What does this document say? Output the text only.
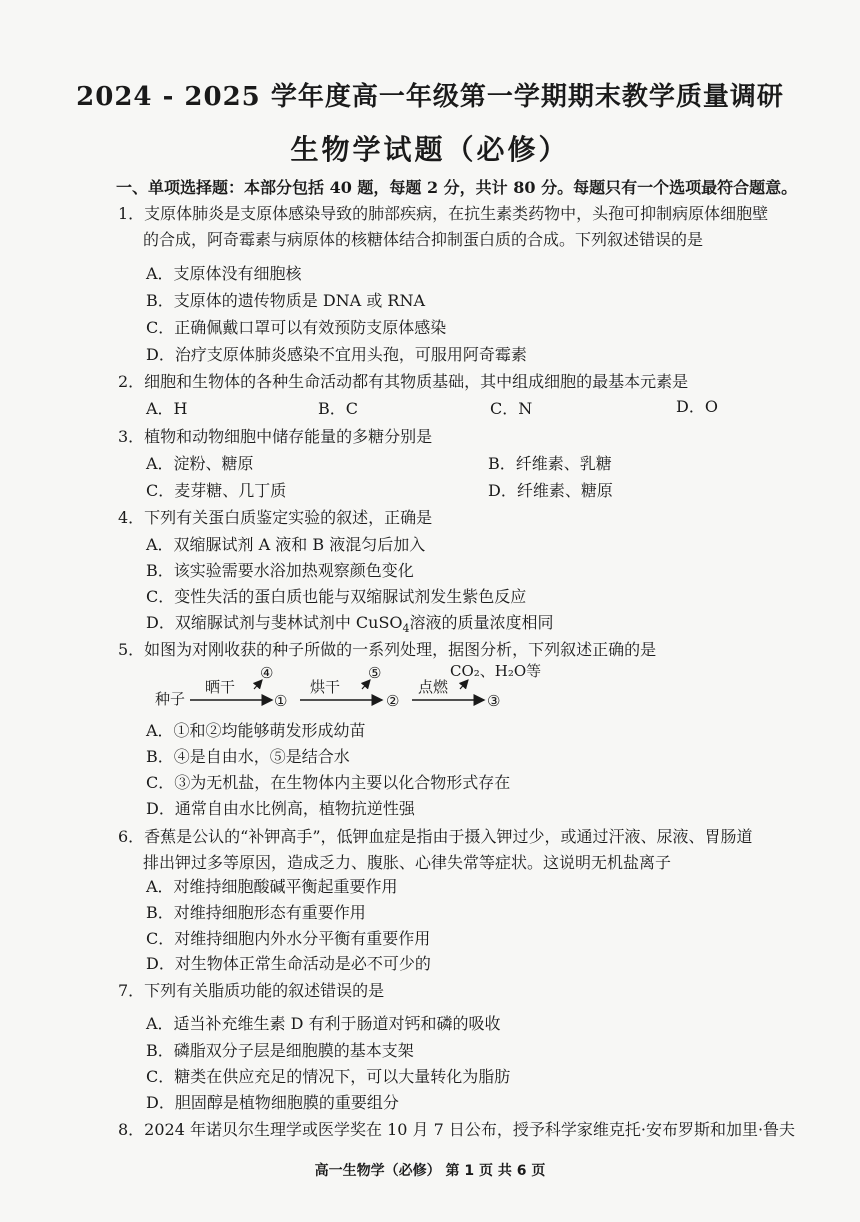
2024 - 2025 学年度高一年级第一学期期末教学质量调研
生物学试题（必修）
一、单项选择题：本部分包括 40 题，每题 2 分，共计 80 分。每题只有一个选项最符合题意。
1．支原体肺炎是支原体感染导致的肺部疾病，在抗生素类药物中，头孢可抑制病原体细胞壁
的合成，阿奇霉素与病原体的核糖体结合抑制蛋白质的合成。下列叙述错误的是
A．支原体没有细胞核
B．支原体的遗传物质是 DNA 或 RNA
C．正确佩戴口罩可以有效预防支原体感染
D．治疗支原体肺炎感染不宜用头孢，可服用阿奇霉素
2．细胞和生物体的各种生命活动都有其物质基础，其中组成细胞的最基本元素是
A．H	B．C	C．N	D．O
3．植物和动物细胞中储存能量的多糖分别是
A．淀粉、糖原	B．纤维素、乳糖
C．麦芽糖、几丁质	D．纤维素、糖原
4．下列有关蛋白质鉴定实验的叙述，正确是
A．双缩脲试剂 A 液和 B 液混匀后加入
B．该实验需要水浴加热观察颜色变化
C．变性失活的蛋白质也能与双缩脲试剂发生紫色反应
D．双缩脲试剂与斐林试剂中 CuSO$_4$溶液的质量浓度相同
5．如图为对刚收获的种子所做的一系列处理，据图分析，下列叙述正确的是
种子
晒干
④
①
烘干
⑤
②
点燃
CO₂、H₂O等
③
A．①和②均能够萌发形成幼苗
B．④是自由水，⑤是结合水
C．③为无机盐，在生物体内主要以化合物形式存在
D．通常自由水比例高，植物抗逆性强
6．香蕉是公认的“补钾高手”，低钾血症是指由于摄入钾过少，或通过汗液、尿液、胃肠道
排出钾过多等原因，造成乏力、腹胀、心律失常等症状。这说明无机盐离子
A．对维持细胞酸碱平衡起重要作用
B．对维持细胞形态有重要作用
C．对维持细胞内外水分平衡有重要作用
D．对生物体正常生命活动是必不可少的
7．下列有关脂质功能的叙述错误的是
A．适当补充维生素 D 有利于肠道对钙和磷的吸收
B．磷脂双分子层是细胞膜的基本支架
C．糖类在供应充足的情况下，可以大量转化为脂肪
D．胆固醇是植物细胞膜的重要组分
8．2024 年诺贝尔生理学或医学奖在 10 月 7 日公布，授予科学家维克托·安布罗斯和加里·鲁夫
高一生物学（必修） 第 1 页 共 6 页
